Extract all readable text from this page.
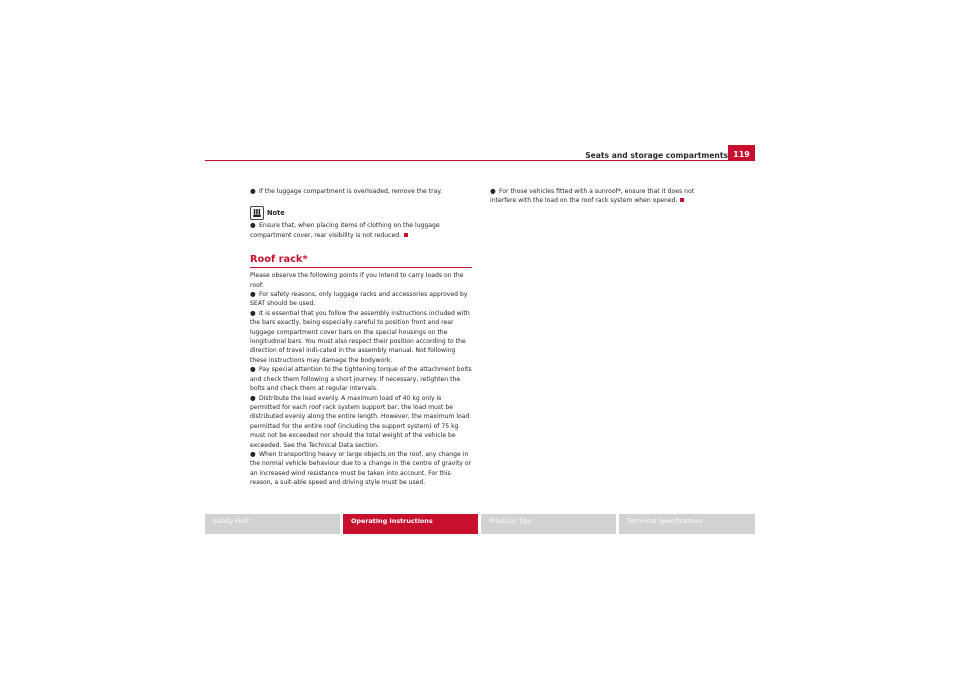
Seats and storage compartments 119

● If the luggage compartment is overloaded, remove the tray.

Note

● Ensure that, when placing items of clothing on the luggage compartment cover, rear visibility is not reduced.

Roof rack*

Please observe the following points if you intend to carry loads on the roof:

● For safety reasons, only luggage racks and accessories approved by SEAT should be used.

● It is essential that you follow the assembly instructions included with the bars exactly, being especially careful to position front and rear luggage compartment cover bars on the special housings on the longitudinal bars. You must also respect their position according to the direction of travel indi-cated in the assembly manual. Not following these instructions may damage the bodywork.

● Pay special attention to the tightening torque of the attachment bolts and check them following a short journey. If necessary, retighten the bolts and check them at regular intervals.

● Distribute the load evenly. A maximum load of 40 kg only is permitted for each roof rack system support bar, the load must be distributed evenly along the entire length. However, the maximum load permitted for the entire roof (including the support system) of 75 kg must not be exceeded nor should the total weight of the vehicle be exceeded. See the Technical Data section.

● When transporting heavy or large objects on the roof, any change in the normal vehicle behaviour due to a change in the centre of gravity or an increased wind resistance must be taken into account. For this reason, a suit-able speed and driving style must be used.

● For those vehicles fitted with a sunroof*, ensure that it does not interfere with the load on the roof rack system when opened.

Safety First	Operating Instructions	Practical Tips	Technical Specifications
